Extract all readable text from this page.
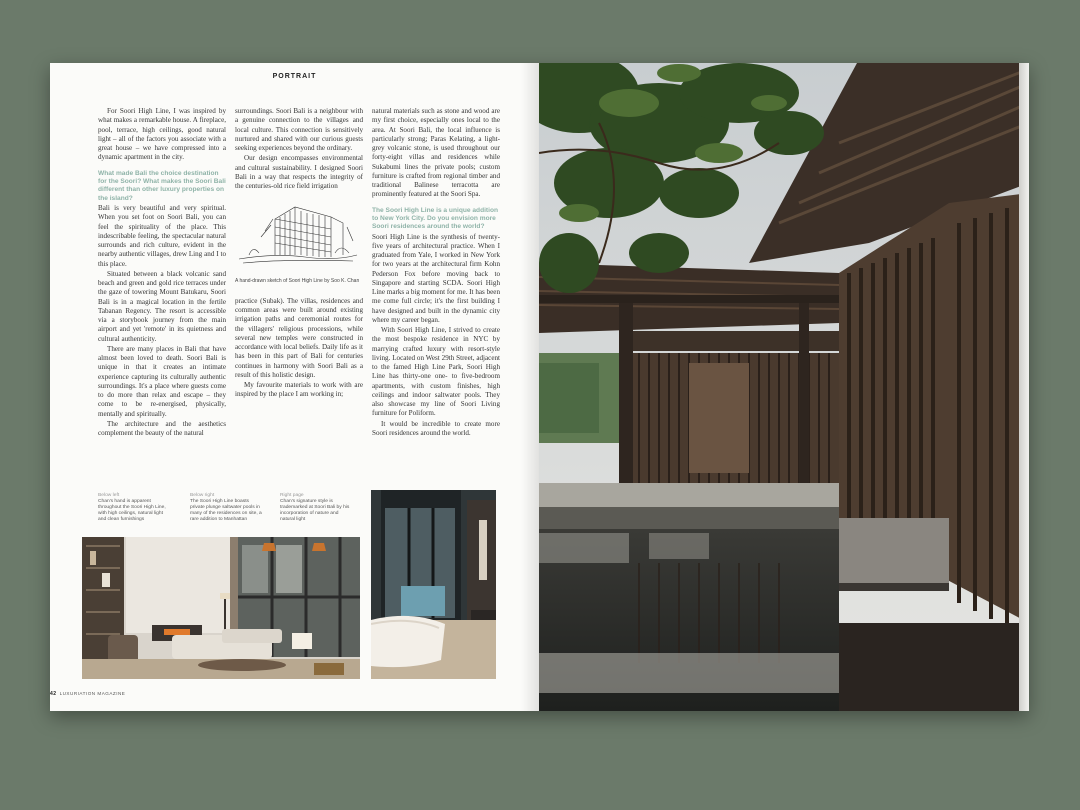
PORTRAIT

For Soori High Line, I was inspired by what makes a remarkable house. A fireplace, pool, terrace, high ceilings, good natural light – all of the factors you associate with a great house – we have compressed into a dynamic apartment in the city.

What made Bali the choice destination for the Soori? What makes the Soori Bali different than other luxury properties on the island?

Bali is very beautiful and very spiritual. When you set foot on Soori Bali, you can feel the spirituality of the place. This indescribable feeling, the spectacular natural surrounds and rich culture, evident in the nearby authentic villages, drew Ling and I to this place.

Situated between a black volcanic sand beach and green and gold rice terraces under the gaze of towering Mount Batukaru, Soori Bali is in a magical location in the fertile Tabanan Regency. The resort is accessible via a storybook journey from the main airport and yet 'remote' in its quietness and cultural authenticity.

There are many places in Bali that have almost been loved to death. Soori Bali is unique in that it creates an intimate experience capturing its culturally authentic surroundings. It's a place where guests come to do more than relax and escape – they come to be re-energised, physically, mentally and spiritually.

The architecture and the aesthetics complement the beauty of the natural

surroundings. Soori Bali is a neighbour with a genuine connection to the villages and local culture. This connection is sensitively nurtured and shared with our curious guests seeking experiences beyond the ordinary.

Our design encompasses environmental and cultural sustainability. I designed Soori Bali in a way that respects the integrity of the centuries-old rice field irrigation

A hand-drawn sketch of Soori High Line by Soo K. Chan

practice (Subak). The villas, residences and common areas were built around existing irrigation paths and ceremonial routes for the villagers' religious processions, while several new temples were constructed in accordance with local beliefs. Daily life as it has been in this part of Bali for centuries continues in harmony with Soori Bali as a result of this holistic design.

My favourite materials to work with are inspired by the place I am working in;

natural materials such as stone and wood are my first choice, especially ones local to the area. At Soori Bali, the local influence is particularly strong; Paras Kelating, a light-grey volcanic stone, is used throughout our forty-eight villas and residences while Sukabumi lines the private pools; custom furniture is crafted from regional timber and traditional Balinese terracotta are prominently featured at the Soori Spa.

The Soori High Line is a unique addition to New York City. Do you envision more Soori residences around the world?

Soori High Line is the synthesis of twenty-five years of architectural practice. When I graduated from Yale, I worked in New York for two years at the architectural firm Kohn Pederson Fox before moving back to Singapore and starting SCDA. Soori High Line marks a big moment for me. It has been me come full circle; it's the first building I have designed and built in the dynamic city where my career began.

With Soori High Line, I strived to create the most bespoke residence in NYC by marrying crafted luxury with resort-style living. Located on West 29th Street, adjacent to the famed High Line Park, Soori High Line has thirty-one one- to five-bedroom apartments, with custom finishes, high ceilings and indoor saltwater pools. They also showcase my line of Soori Living furniture for Poliform.

It would be incredible to create more Soori residences around the world.

Below left
Chan's hand is apparent throughout the Soori High Line, with high ceilings, natural light and clean furnishings
Below right
The Soori High Line boasts private plunge saltwater pools in many of the residences on site, a rare addition to Manhattan
Right page
Chan's signature style is trademarked at Soori Bali by his incorporation of nature and natural light
42 LUXURIATION MAGAZINE
